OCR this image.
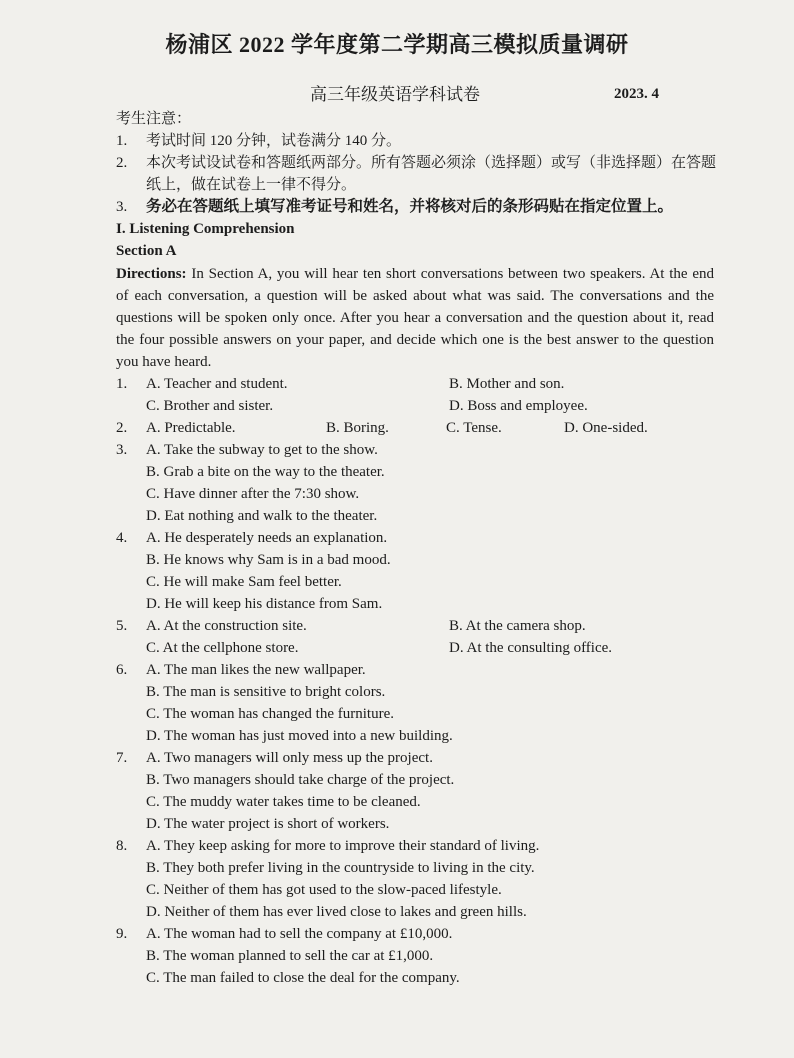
杨浦区 2022 学年度第二学期高三模拟质量调研
高三年级英语学科试卷	2023. 4
考生注意：
1.	考试时间 120 分钟，试卷满分 140 分。
2.	本次考试设试卷和答题纸两部分。所有答题必须涂（选择题）或写（非选择题）在答题纸上，做在试卷上一律不得分。
3.	务必在答题纸上填写准考证号和姓名，并将核对后的条形码贴在指定位置上。
I. Listening Comprehension
Section A
Directions: In Section A, you will hear ten short conversations between two speakers. At the end of each conversation, a question will be asked about what was said. The conversations and the questions will be spoken only once. After you hear a conversation and the question about it, read the four possible answers on your paper, and decide which one is the best answer to the question you have heard.
1. A. Teacher and student.	B. Mother and son.
C. Brother and sister.	D. Boss and employee.
2. A. Predictable.	B. Boring.	C. Tense.	D. One-sided.
3. A. Take the subway to get to the show.
B. Grab a bite on the way to the theater.
C. Have dinner after the 7:30 show.
D. Eat nothing and walk to the theater.
4. A. He desperately needs an explanation.
B. He knows why Sam is in a bad mood.
C. He will make Sam feel better.
D. He will keep his distance from Sam.
5. A. At the construction site.	B. At the camera shop.
C. At the cellphone store.	D. At the consulting office.
6. A. The man likes the new wallpaper.
B. The man is sensitive to bright colors.
C. The woman has changed the furniture.
D. The woman has just moved into a new building.
7. A. Two managers will only mess up the project.
B. Two managers should take charge of the project.
C. The muddy water takes time to be cleaned.
D. The water project is short of workers.
8. A. They keep asking for more to improve their standard of living.
B. They both prefer living in the countryside to living in the city.
C. Neither of them has got used to the slow-paced lifestyle.
D. Neither of them has ever lived close to lakes and green hills.
9. A. The woman had to sell the company at £10,000.
B. The woman planned to sell the car at £1,000.
C. The man failed to close the deal for the company.
